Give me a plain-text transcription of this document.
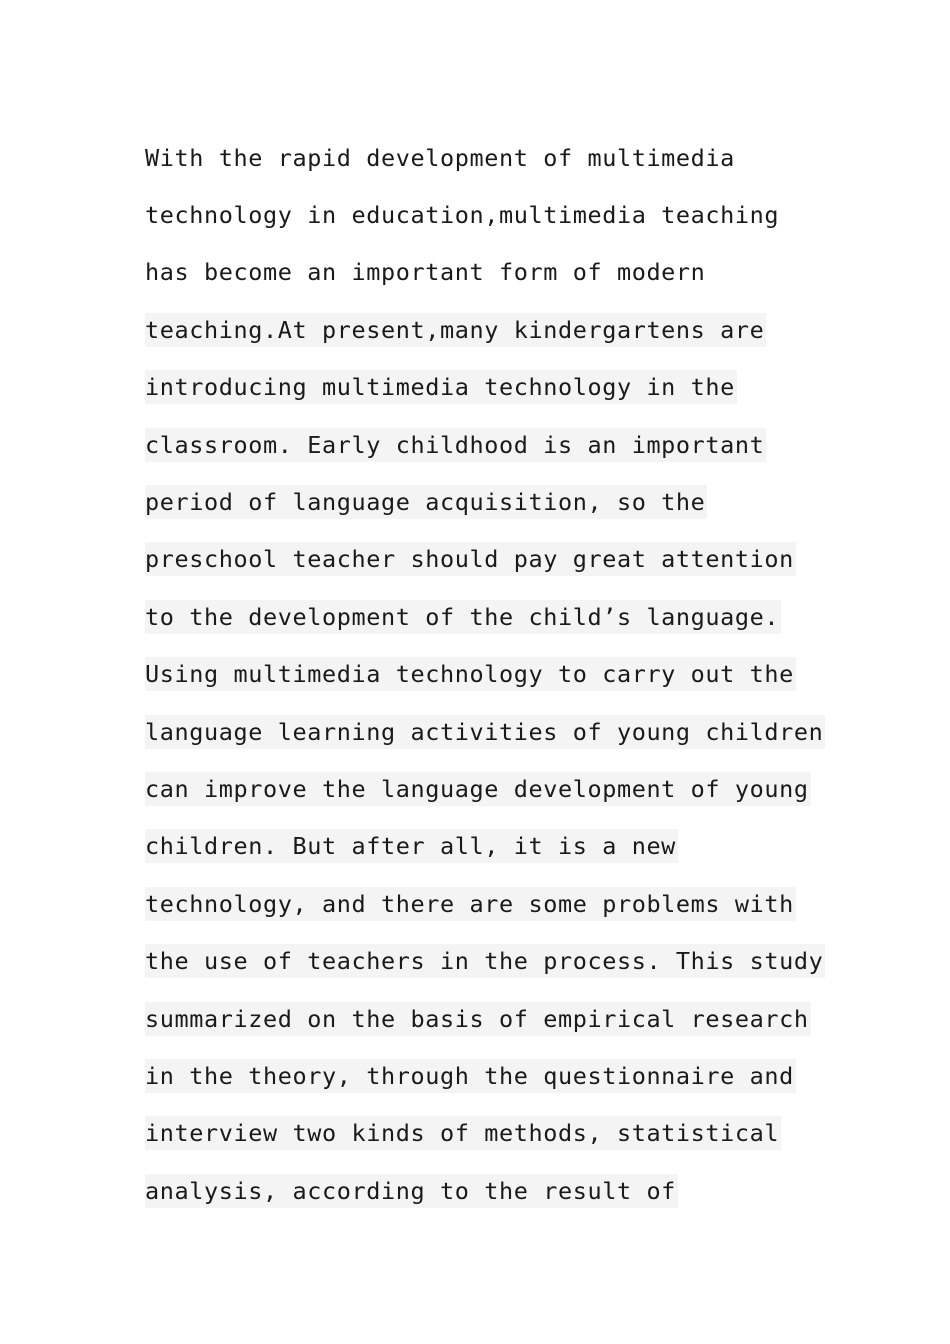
With the rapid development of multimedia
technology in education,multimedia teaching
has become an important form of modern
teaching.At present,many kindergartens are
introducing multimedia technology in the
classroom. Early childhood is an important
period of language acquisition, so the
preschool teacher should pay great attention
to the development of the child’s language.
Using multimedia technology to carry out the
language learning activities of young children
can improve the language development of young
children. But after all, it is a new
technology, and there are some problems with
the use of teachers in the process. This study
summarized on the basis of empirical research
in the theory, through the questionnaire and
interview two kinds of methods, statistical
analysis, according to the result of
